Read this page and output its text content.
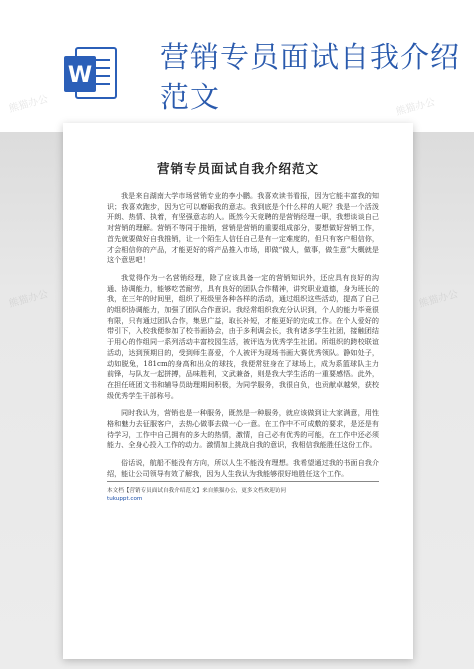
W
营销专员面试自我介绍范文
熊猫办公	熊猫办公
熊猫办公	熊猫办公
营销专员面试自我介绍范文

我是来自湖南大学市场营销专业的李小鹏。我喜欢读书看报，因为它能丰富我的知识；我喜欢跑步，因为它可以磨砺我的意志。我到底是个什么样的人呢？我是一个活泼开朗、热情、执着，有坚强意志的人。既然今天竞聘的是营销经理一职，我想谈谈自己对营销的理解。营销不等同于推销，营销是营销的重要组成部分，要想做好营销工作，首先就要做好自我推销，让一个陌生人信任自己是有一定难度的，但只有客户相信你，才会相信你的产品，才能更好的将产品推入市场，即做“做人，做事，做生意”大概就是这个意思吧！

我觉得作为一名营销经理，除了应该具备一定的营销知识外，还应具有良好的沟通、协调能力，能够吃苦耐劳，具有良好的团队合作精神，讲究职业道德，身为班长的我，在三年的时间里，组织了班级里各种各样的活动，通过组织这些活动，提高了自己的组织协调能力，加强了团队合作意识。我经常组织我充分认识到，个人的能力毕竟很有限，只有通过团队合作，集思广益，取长补短，才能更好的完成工作。在个人爱好的带引下，入校我便参加了校书画协会，由于多利调会长，我有诸多学生社团，接触团结于用心的作组同一系列活动丰富校园生活，被评选为优秀学生社团。所组织的跨校联谊活动，达到预期目的，受到师生喜爱，个人被评为现场书画大赛优秀领队。静如处子，动如脱兔，181cm的身高和出众的球技，我便常驻身在了球场上，成为系篮球队主力前锋，与队友一起拼搏，品味胜利，文武兼备，则是我大学生活的一重要感悟。此外，在担任班团文书和辅导员助理期间积极，为同学服务，我很自负，也贡献卓越荣，获校级优秀学生干部称号。

同时我认为，营销也是一种服务，既然是一种服务，就应该做到让大家满意，用性格和魅力去征服客户，去热心做事去做一心一意。在工作中不可成敷的要求，是还是有待学习，工作中自己拥有的多大的热情，激情，自己必有优秀的可能，在工作中还必须能力、全身心投入工作的动力。激情加上挑战自我的意识，我相信我能胜任这份工作。

俗话说，航船不能没有方向，所以人生不能没有理想。我希望通过我的书面自我介绍，能让公司领导有效了解我，因为人生我认为我能够很好地胜任这个工作。

本文档【营销专员面试自我介绍范文】来自熊猫办公，更多文档欢迎访问
tukuppt.com
